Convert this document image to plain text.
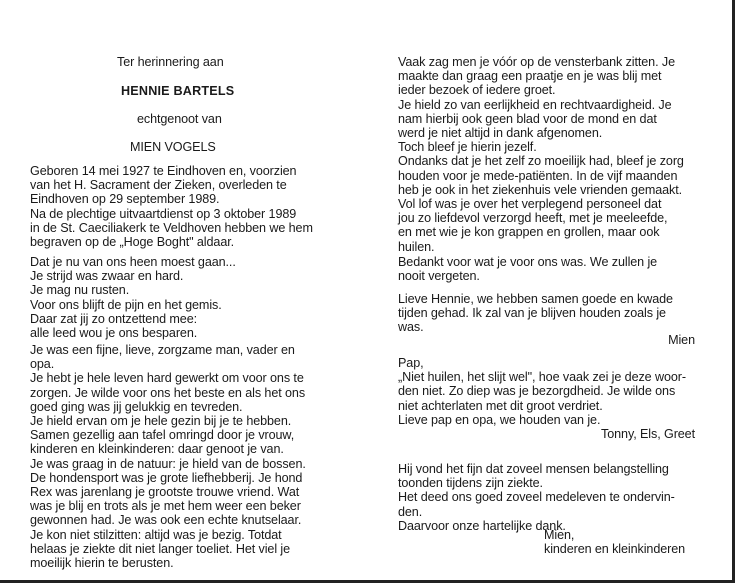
Ter herinnering aan
HENNIE BARTELS
echtgenoot van
MIEN VOGELS
Geboren 14 mei 1927 te Eindhoven en, voorzien
van het H. Sacrament der Zieken, overleden te
Eindhoven op 29 september 1989.
Na de plechtige uitvaartdienst op 3 oktober 1989
in de St. Caeciliakerk te Veldhoven hebben we hem
begraven op de „Hoge Boght" aldaar.
Dat je nu van ons heen moest gaan...
Je strijd was zwaar en hard.
Je mag nu rusten.
Voor ons blijft de pijn en het gemis.
Daar zat jij zo ontzettend mee:
alle leed wou je ons besparen.
Je was een fijne, lieve, zorgzame man, vader en
opa.
Je hebt je hele leven hard gewerkt om voor ons te
zorgen. Je wilde voor ons het beste en als het ons
goed ging was jij gelukkig en tevreden.
Je hield ervan om je hele gezin bij je te hebben.
Samen gezellig aan tafel omringd door je vrouw,
kinderen en kleinkinderen: daar genoot je van.
Je was graag in de natuur: je hield van de bossen.
De hondensport was je grote liefhebberij. Je hond
Rex was jarenlang je grootste trouwe vriend. Wat
was je blij en trots als je met hem weer een beker
gewonnen had. Je was ook een echte knutselaar.
Je kon niet stilzitten: altijd was je bezig. Totdat
helaas je ziekte dit niet langer toeliet. Het viel je
moeilijk hierin te berusten.
Vaak zag men je vóór op de vensterbank zitten. Je
maakte dan graag een praatje en je was blij met
ieder bezoek of iedere groet.
Je hield zo van eerlijkheid en rechtvaardigheid. Je
nam hierbij ook geen blad voor de mond en dat
werd je niet altijd in dank afgenomen.
Toch bleef je hierin jezelf.
Ondanks dat je het zelf zo moeilijk had, bleef je zorg
houden voor je mede-patiënten. In de vijf maanden
heb je ook in het ziekenhuis vele vrienden gemaakt.
Vol lof was je over het verplegend personeel dat
jou zo liefdevol verzorgd heeft, met je meeleefde,
en met wie je kon grappen en grollen, maar ook
huilen.
Bedankt voor wat je voor ons was. We zullen je
nooit vergeten.
Lieve Hennie, we hebben samen goede en kwade
tijden gehad. Ik zal van je blijven houden zoals je
was.
Mien
Pap,
„Niet huilen, het slijt wel", hoe vaak zei je deze woor-
den niet. Zo diep was je bezorgdheid. Je wilde ons
niet achterlaten met dit groot verdriet.
Lieve pap en opa, we houden van je.
Tonny, Els, Greet
Hij vond het fijn dat zoveel mensen belangstelling
toonden tijdens zijn ziekte.
Het deed ons goed zoveel medeleven te ondervin-
den.
Daarvoor onze hartelijke dank.
Mien,
kinderen en kleinkinderen
